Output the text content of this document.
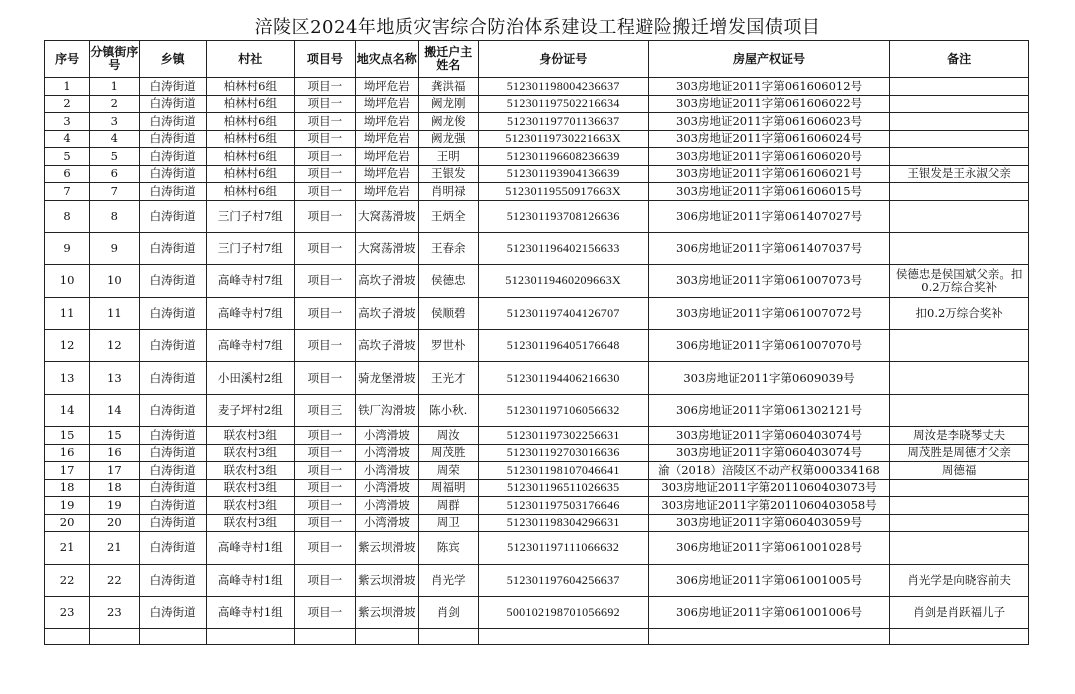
涪陵区2024年地质灾害综合防治体系建设工程避险搬迁增发国债项目
序号	分镇街序号	乡镇	村社	项目号	地灾点名称	搬迁户主姓名	身份证号	房屋产权证号	备注
1	1	白涛街道	柏林村6组	项目一	坳坪危岩	龚洪福	512301198004236637	303房地证2011字第061606012号	
2	2	白涛街道	柏林村6组	项目一	坳坪危岩	阙龙刚	512301197502216634	303房地证2011字第061606022号	
3	3	白涛街道	柏林村6组	项目一	坳坪危岩	阙龙俊	512301197701136637	303房地证2011字第061606023号	
4	4	白涛街道	柏林村6组	项目一	坳坪危岩	阙龙强	51230119730221663X	303房地证2011字第061606024号	
5	5	白涛街道	柏林村6组	项目一	坳坪危岩	王明	512301196608236639	303房地证2011字第061606020号	
6	6	白涛街道	柏林村6组	项目一	坳坪危岩	王银发	512301193904136639	303房地证2011字第061606021号	王银发是王永淑父亲
7	7	白涛街道	柏林村6组	项目一	坳坪危岩	肖明禄	51230119550917663X	303房地证2011字第061606015号	
8	8	白涛街道	三门子村7组	项目一	大窝荡滑坡	王炳全	512301193708126636	306房地证2011字第061407027号	
9	9	白涛街道	三门子村7组	项目一	大窝荡滑坡	王春余	512301196402156633	306房地证2011字第061407037号	
10	10	白涛街道	高峰寺村7组	项目一	高坎子滑坡	侯德忠	51230119460209663X	303房地证2011字第061007073号	侯德忠是侯国斌父亲。扣0.2万综合奖补
11	11	白涛街道	高峰寺村7组	项目一	高坎子滑坡	侯顺碧	512301197404126707	303房地证2011字第061007072号	扣0.2万综合奖补
12	12	白涛街道	高峰寺村7组	项目一	高坎子滑坡	罗世朴	512301196405176648	306房地证2011字第061007070号	
13	13	白涛街道	小田溪村2组	项目一	骑龙堡滑坡	王光才	512301194406216630	303房地证2011字第0609039号	
14	14	白涛街道	麦子坪村2组	项目三	铁厂沟滑坡	陈小秋.	512301197106056632	306房地证2011字第061302121号	
15	15	白涛街道	联农村3组	项目一	小湾滑坡	周汝	512301197302256631	303房地证2011字第060403074号	周汝是李晓琴丈夫
16	16	白涛街道	联农村3组	项目一	小湾滑坡	周茂胜	512301192703016636	303房地证2011字第060403074号	周茂胜是周德才父亲
17	17	白涛街道	联农村3组	项目一	小湾滑坡	周荣	512301198107046641	渝（2018）涪陵区不动产权第000334168	周德福
18	18	白涛街道	联农村3组	项目一	小湾滑坡	周福明	512301196511026635	303房地证2011字第2011060403073号	
19	19	白涛街道	联农村3组	项目一	小湾滑坡	周群	512301197503176646	303房地证2011字第2011060403058号	
20	20	白涛街道	联农村3组	项目一	小湾滑坡	周卫	512301198304296631	303房地证2011字第060403059号	
21	21	白涛街道	高峰寺村1组	项目一	紫云坝滑坡	陈宾	512301197111066632	306房地证2011字第061001028号	
22	22	白涛街道	高峰寺村1组	项目一	紫云坝滑坡	肖光学	512301197604256637	306房地证2011字第061001005号	肖光学是向晓容前夫
23	23	白涛街道	高峰寺村1组	项目一	紫云坝滑坡	肖剑	500102198701056692	306房地证2011字第061001006号	肖剑是肖跃福儿子
